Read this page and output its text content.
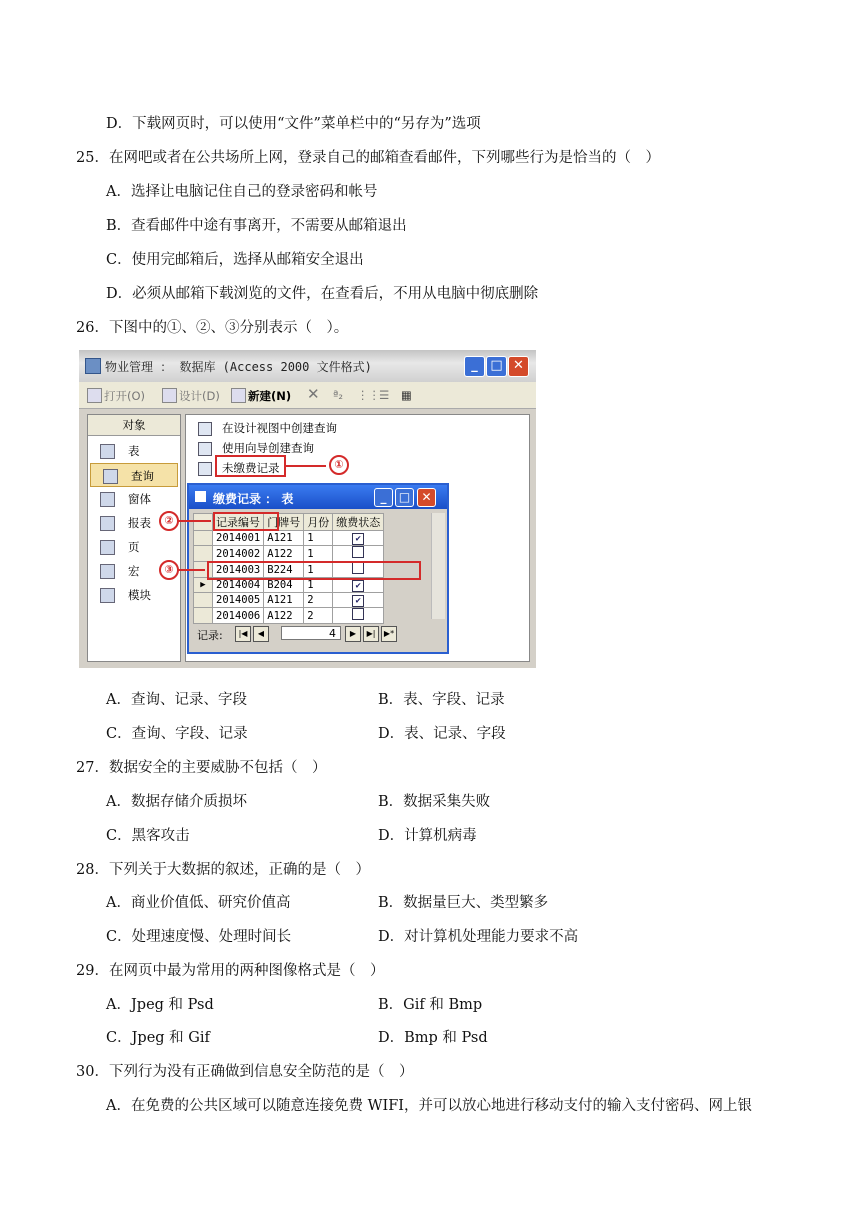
D．下载网页时，可以使用“文件”菜单栏中的“另存为”选项
25．在网吧或者在公共场所上网，登录自己的邮箱查看邮件，下列哪些行为是恰当的（　）
A．选择让电脑记住自己的登录密码和帐号
B．查看邮件中途有事离开，不需要从邮箱退出
C．使用完邮箱后，选择从邮箱安全退出
D．必须从邮箱下载浏览的文件，在查看后，不用从电脑中彻底删除
26．下图中的①、②、③分别表示（　）。
物业管理 ： 数据库 (Access 2000 文件格式)	_ □ ✕
打开(O)	设计(D) 新建(N) ✕ ª₂ ⋮⋮ ☰ ▦
对象
表
查询
窗体
报表
页
宏
模块
在设计视图中创建查询
使用向导创建查询
未缴费记录	①
缴费记录 ： 表	_	□ ✕
	记录编号	门牌号	月份	缴费状态
	2014001	A121	1	✔
	2014002	A122	1	
	2014003	B224	1	
▶	2014004	B204	1	✔
	2014005	A121	2	✔
	2014006	A122	2	
记录:	|◀	◀	4	▶	▶|	▶*
②
③
A．查询、记录、字段	B．表、字段、记录
C．查询、字段、记录	D．表、记录、字段
27．数据安全的主要威胁不包括（　）
A．数据存储介质损坏	B．数据采集失败
C．黑客攻击	D．计算机病毒
28．下列关于大数据的叙述，正确的是（　）
A．商业价值低、研究价值高	B．数据量巨大、类型繁多
C．处理速度慢、处理时间长	D．对计算机处理能力要求不高
29．在网页中最为常用的两种图像格式是（　）
A．Jpeg 和 Psd	B．Gif 和 Bmp
C．Jpeg 和 Gif	D．Bmp 和 Psd
30．下列行为没有正确做到信息安全防范的是（　）
A．在免费的公共区域可以随意连接免费 WIFI，并可以放心地进行移动支付的输入支付密码、网上银
